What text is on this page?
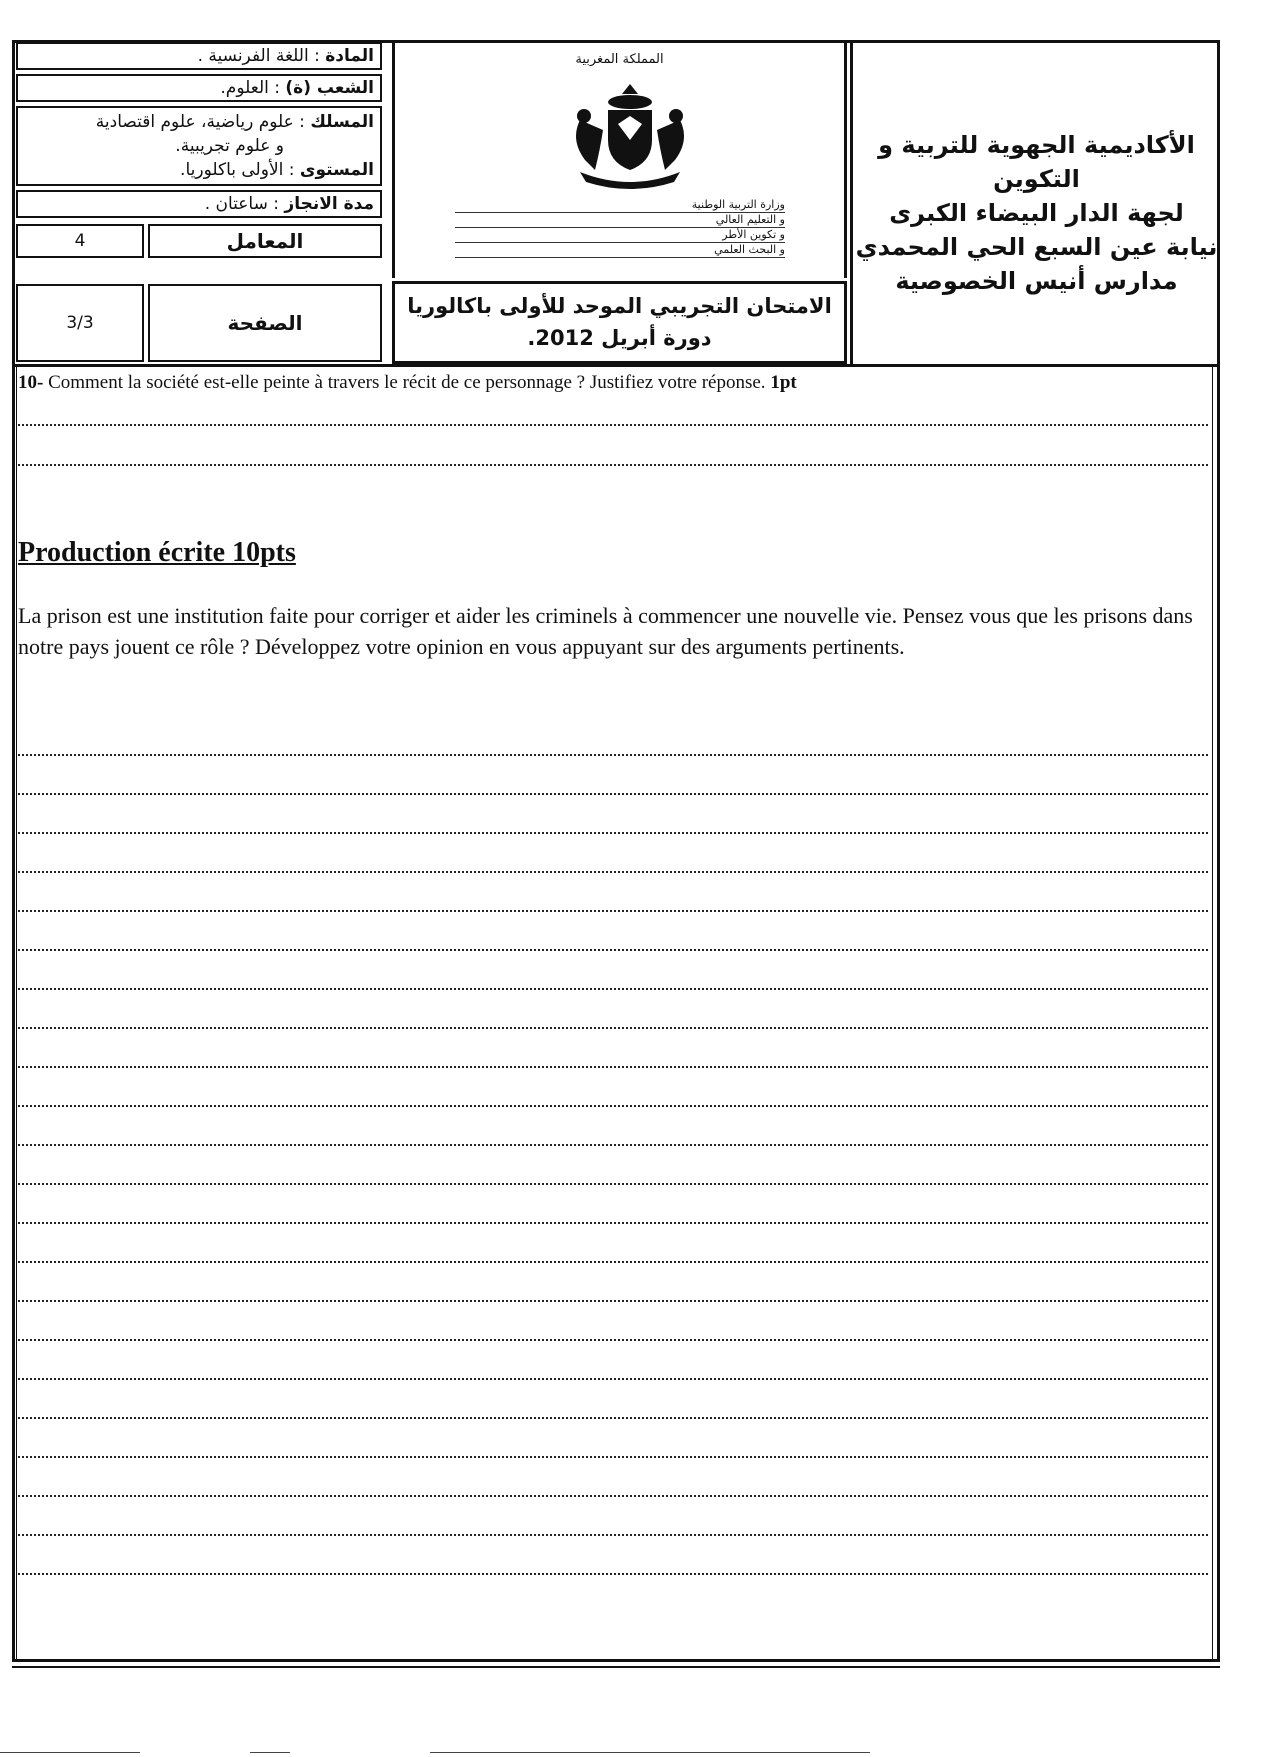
المادة : اللغة الفرنسية .
الشعب (ة) : العلوم.
المسلك : علوم رياضية، علوم اقتصادية
و علوم تجريبية.
المستوى : الأولى باكلوريا.
مدة الانجاز : ساعتان .
4	المعامل
3/3	الصفحة
المملكة المغربية
وزارة التربية الوطنية
و التعليم العالي
و تكوين الأطر
و البحث العلمي
الامتحان التجريبي الموحد للأولى باكالوريا
دورة أبريل 2012.
الأكاديمية الجهوية للتربية و التكوين
لجهة الدار البيضاء الكبرى
نيابة عين السبع الحي المحمدي
مدارس أنيس الخصوصية

10- Comment la société est-elle peinte à travers le récit de ce personnage ? Justifiez votre réponse. 1pt

Production écrite 10pts

La prison est une institution faite pour corriger et aider les criminels à commencer une nouvelle vie. Pensez vous que les prisons dans notre pays jouent ce rôle ? Développez votre opinion en vous appuyant sur des arguments pertinents.
